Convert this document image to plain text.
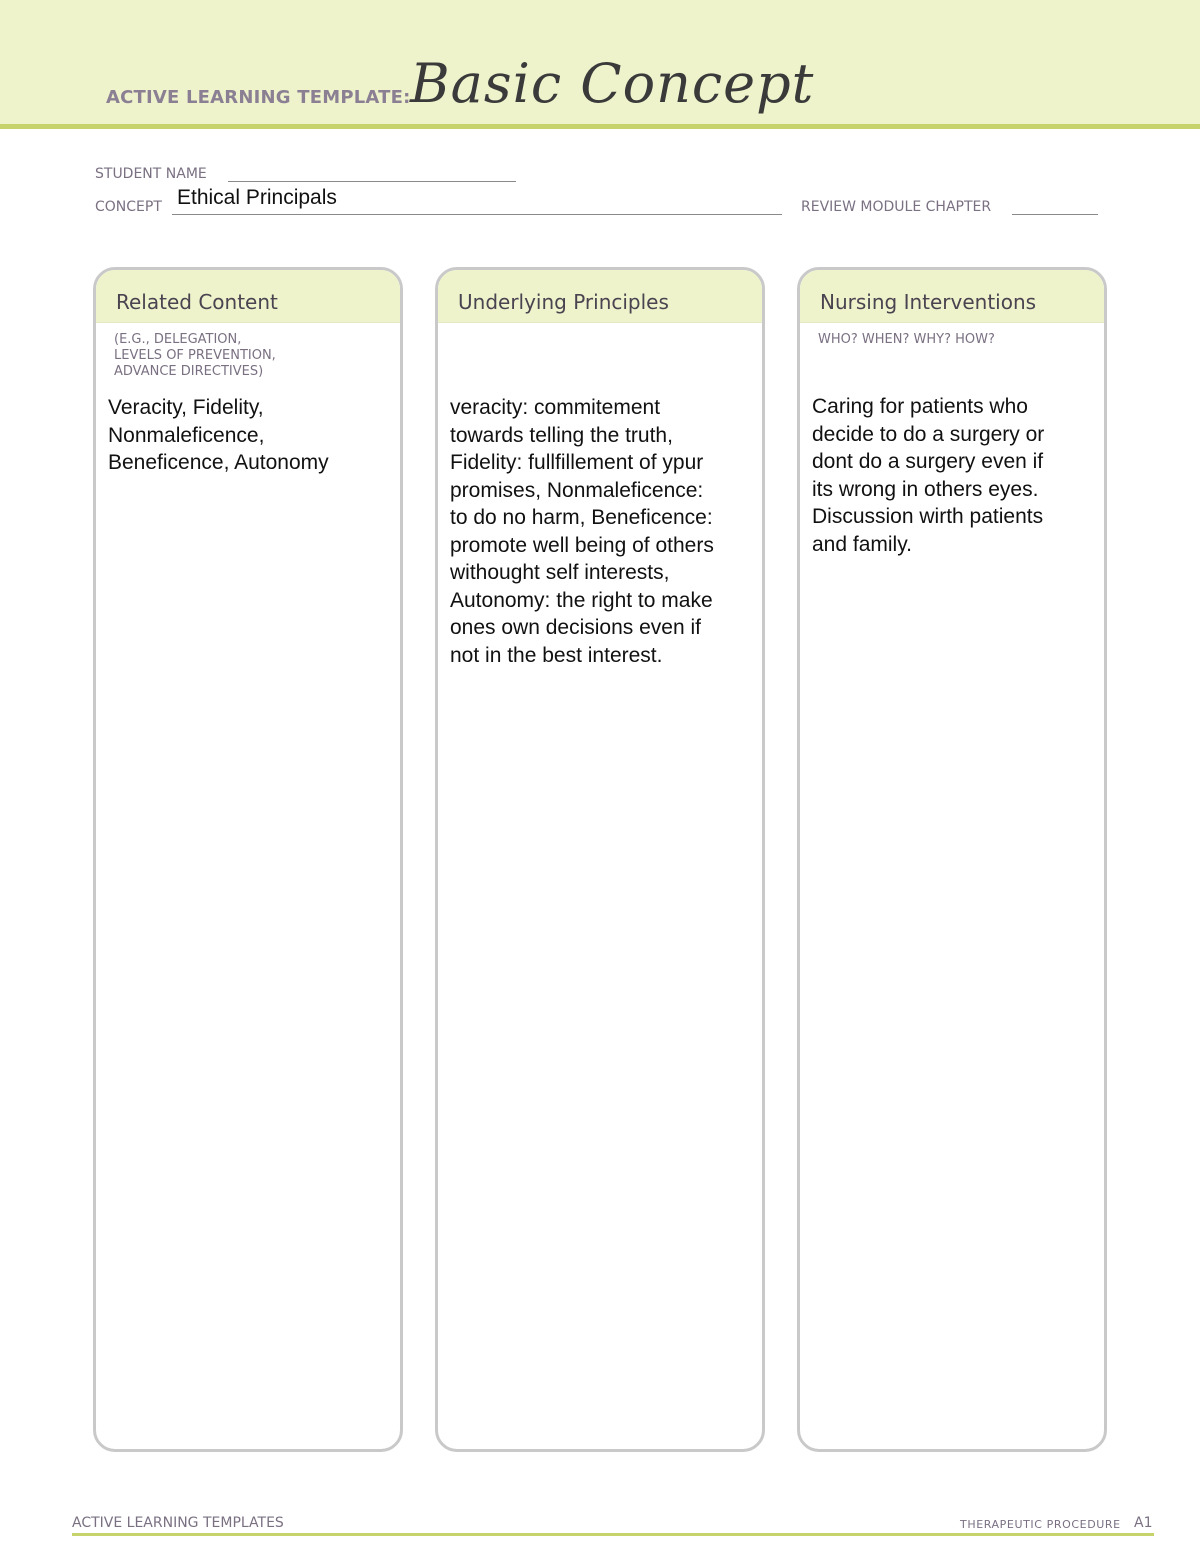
ACTIVE LEARNING TEMPLATE: Basic Concept
STUDENT NAME
CONCEPT Ethical Principals	REVIEW MODULE CHAPTER
Related Content
(E.G., DELEGATION,
LEVELS OF PREVENTION,
ADVANCE DIRECTIVES)
Veracity, Fidelity,
Nonmaleficence,
Beneficence, Autonomy
Underlying Principles
veracity: commitement
towards telling the truth,
Fidelity: fullfillement of ypur
promises, Nonmaleficence:
to do no harm, Beneficence:
promote well being of others
withought self interests,
Autonomy: the right to make
ones own decisions even if
not in the best interest.
Nursing Interventions
WHO? WHEN? WHY? HOW?
Caring for patients who
decide to do a surgery or
dont do a surgery even if
its wrong in others eyes.
Discussion wirth patients
and family.
ACTIVE LEARNING TEMPLATES	THERAPEUTIC PROCEDURE A1
